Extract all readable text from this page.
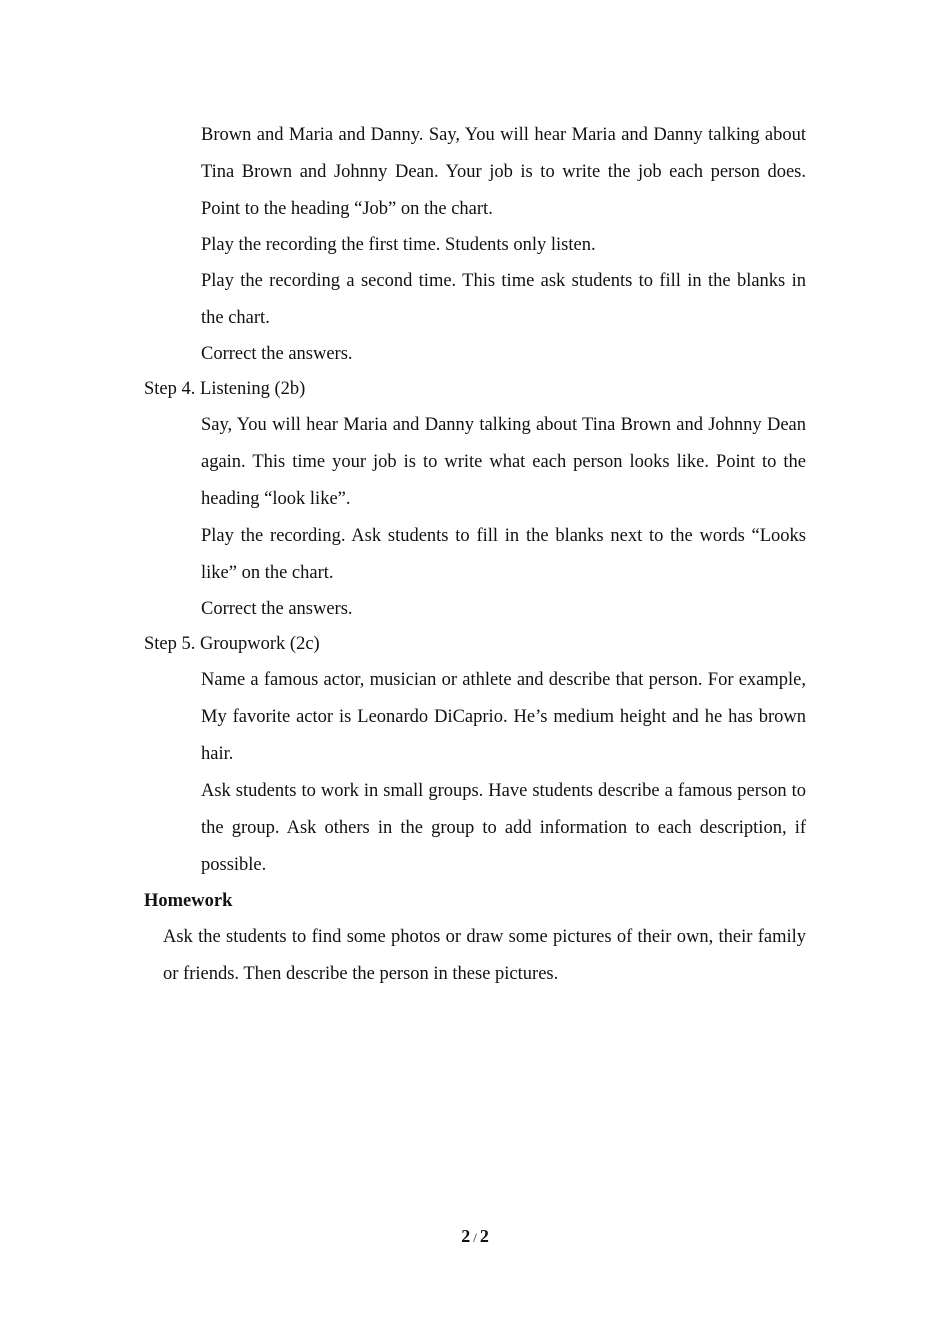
Brown and Maria and Danny. Say, You will hear Maria and Danny talking about Tina Brown and Johnny Dean. Your job is to write the job each person does. Point to the heading “Job” on the chart.

Play the recording the first time. Students only listen.

Play the recording a second time. This time ask students to fill in the blanks in the chart.

Correct the answers.

Step 4. Listening (2b)

Say, You will hear Maria and Danny talking about Tina Brown and Johnny Dean again. This time your job is to write what each person looks like. Point to the heading “look like”.

Play the recording. Ask students to fill in the blanks next to the words “Looks like” on the chart.

Correct the answers.

Step 5. Groupwork (2c)

Name a famous actor, musician or athlete and describe that person. For example, My favorite actor is Leonardo DiCaprio. He’s medium height and he has brown hair.

Ask students to work in small groups. Have students describe a famous person to the group. Ask others in the group to add information to each description, if possible.

Homework

Ask the students to find some photos or draw some pictures of their own, their family or friends. Then describe the person in these pictures.

2 / 2
